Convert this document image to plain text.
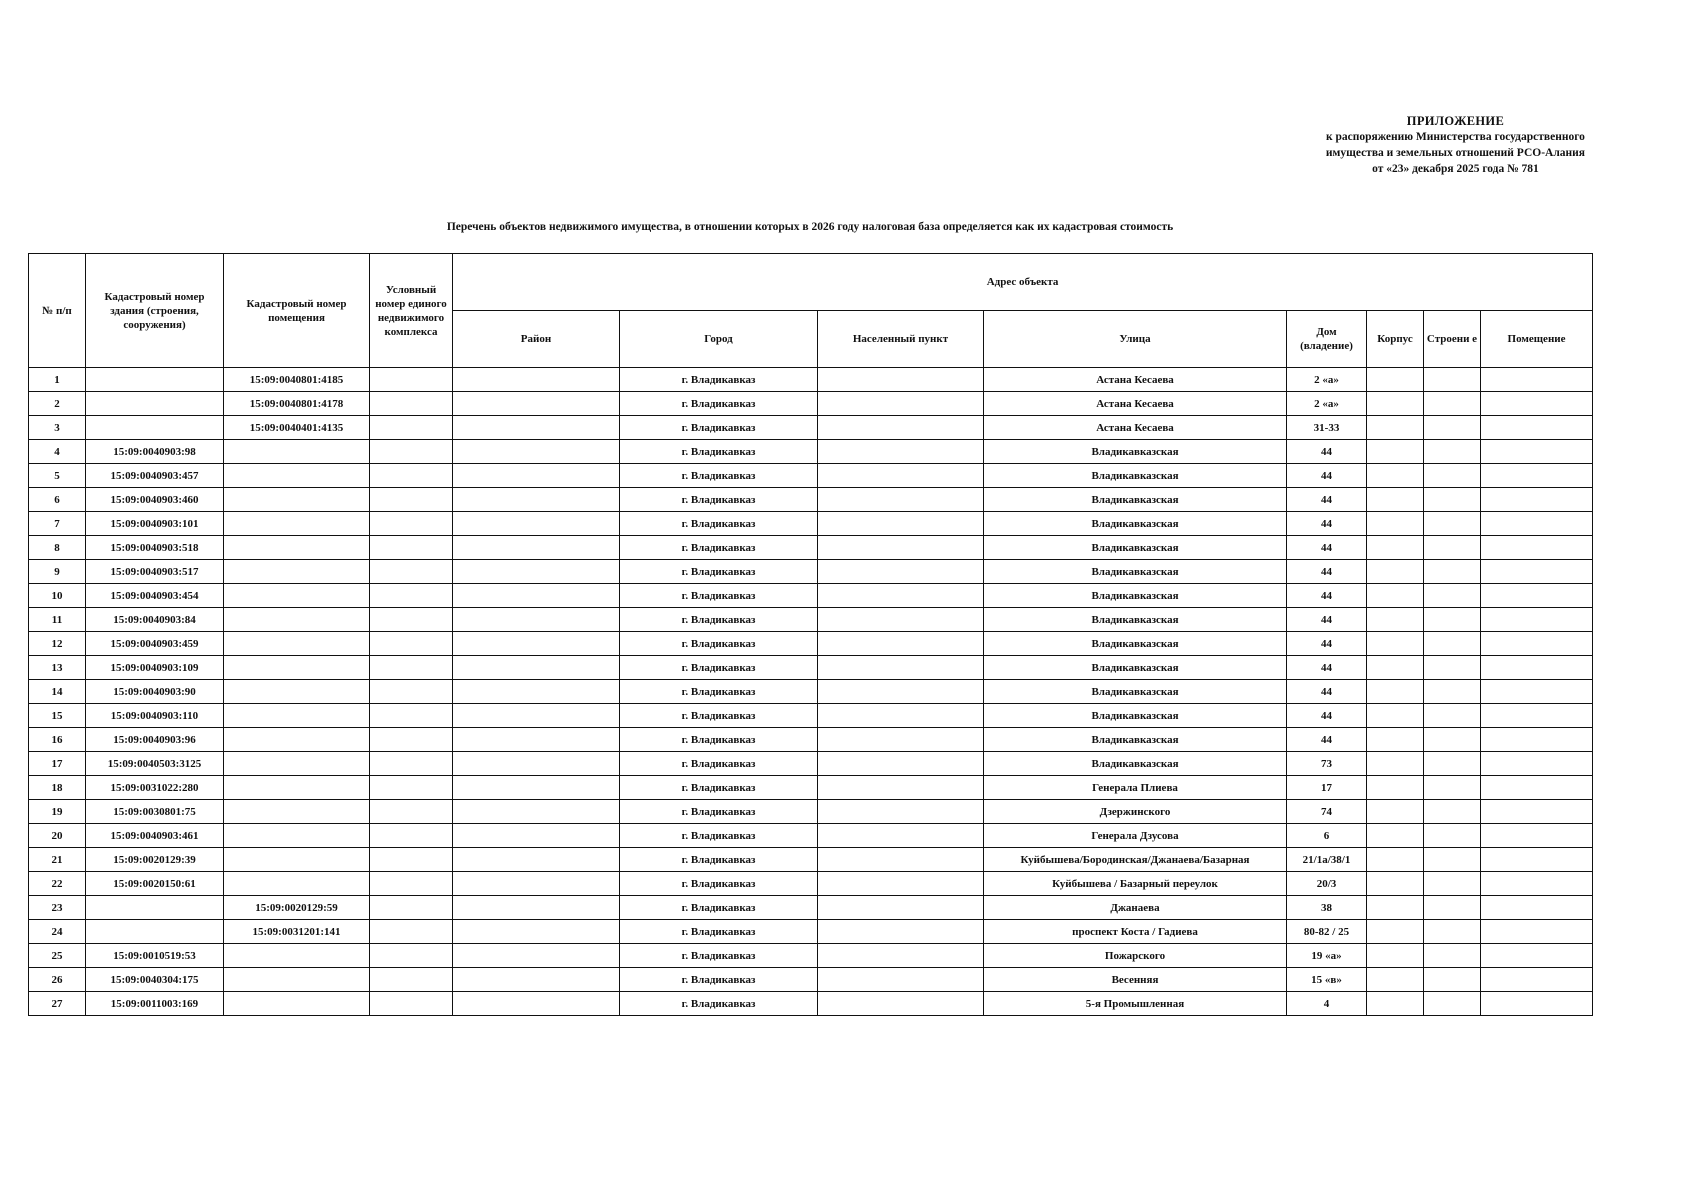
ПРИЛОЖЕНИЕ
к распоряжению Министерства государственного
имущества и земельных отношений РСО-Алания
от «23» декабря 2025 года № 781
Перечень объектов недвижимого имущества, в отношении которых в 2026 году налоговая база определяется как их кадастровая стоимость
№ п/п	Кадастровый номер здания (строения, сооружения)	Кадастровый номер помещения	Условный номер единого недвижимого комплекса	Адрес объекта							
				Район	Город	Населенный пункт	Улица	Дом (владение)	Корпус	Строени е	Помещение
1		15:09:0040801:4185			г. Владикавказ		Астана Кесаева	2 «а»			
2		15:09:0040801:4178			г. Владикавказ		Астана Кесаева	2 «а»			
3		15:09:0040401:4135			г. Владикавказ		Астана Кесаева	31-33			
4	15:09:0040903:98				г. Владикавказ		Владикавказская	44			
5	15:09:0040903:457				г. Владикавказ		Владикавказская	44			
6	15:09:0040903:460				г. Владикавказ		Владикавказская	44			
7	15:09:0040903:101				г. Владикавказ		Владикавказская	44			
8	15:09:0040903:518				г. Владикавказ		Владикавказская	44			
9	15:09:0040903:517				г. Владикавказ		Владикавказская	44			
10	15:09:0040903:454				г. Владикавказ		Владикавказская	44			
11	15:09:0040903:84				г. Владикавказ		Владикавказская	44			
12	15:09:0040903:459				г. Владикавказ		Владикавказская	44			
13	15:09:0040903:109				г. Владикавказ		Владикавказская	44			
14	15:09:0040903:90				г. Владикавказ		Владикавказская	44			
15	15:09:0040903:110				г. Владикавказ		Владикавказская	44			
16	15:09:0040903:96				г. Владикавказ		Владикавказская	44			
17	15:09:0040503:3125				г. Владикавказ		Владикавказская	73			
18	15:09:0031022:280				г. Владикавказ		Генерала Плиева	17			
19	15:09:0030801:75				г. Владикавказ		Дзержинского	74			
20	15:09:0040903:461				г. Владикавказ		Генерала Дзусова	6			
21	15:09:0020129:39				г. Владикавказ		Куйбышева/Бородинская/Джанаева/Базарная	21/1а/38/1			
22	15:09:0020150:61				г. Владикавказ		Куйбышева / Базарный переулок	20/3			
23		15:09:0020129:59			г. Владикавказ		Джанаева	38			
24		15:09:0031201:141			г. Владикавказ		проспект Коста / Гадиева	80-82 / 25			
25	15:09:0010519:53				г. Владикавказ		Пожарского	19 «а»			
26	15:09:0040304:175				г. Владикавказ		Весенняя	15 «в»			
27	15:09:0011003:169				г. Владикавказ		5-я Промышленная	4			
